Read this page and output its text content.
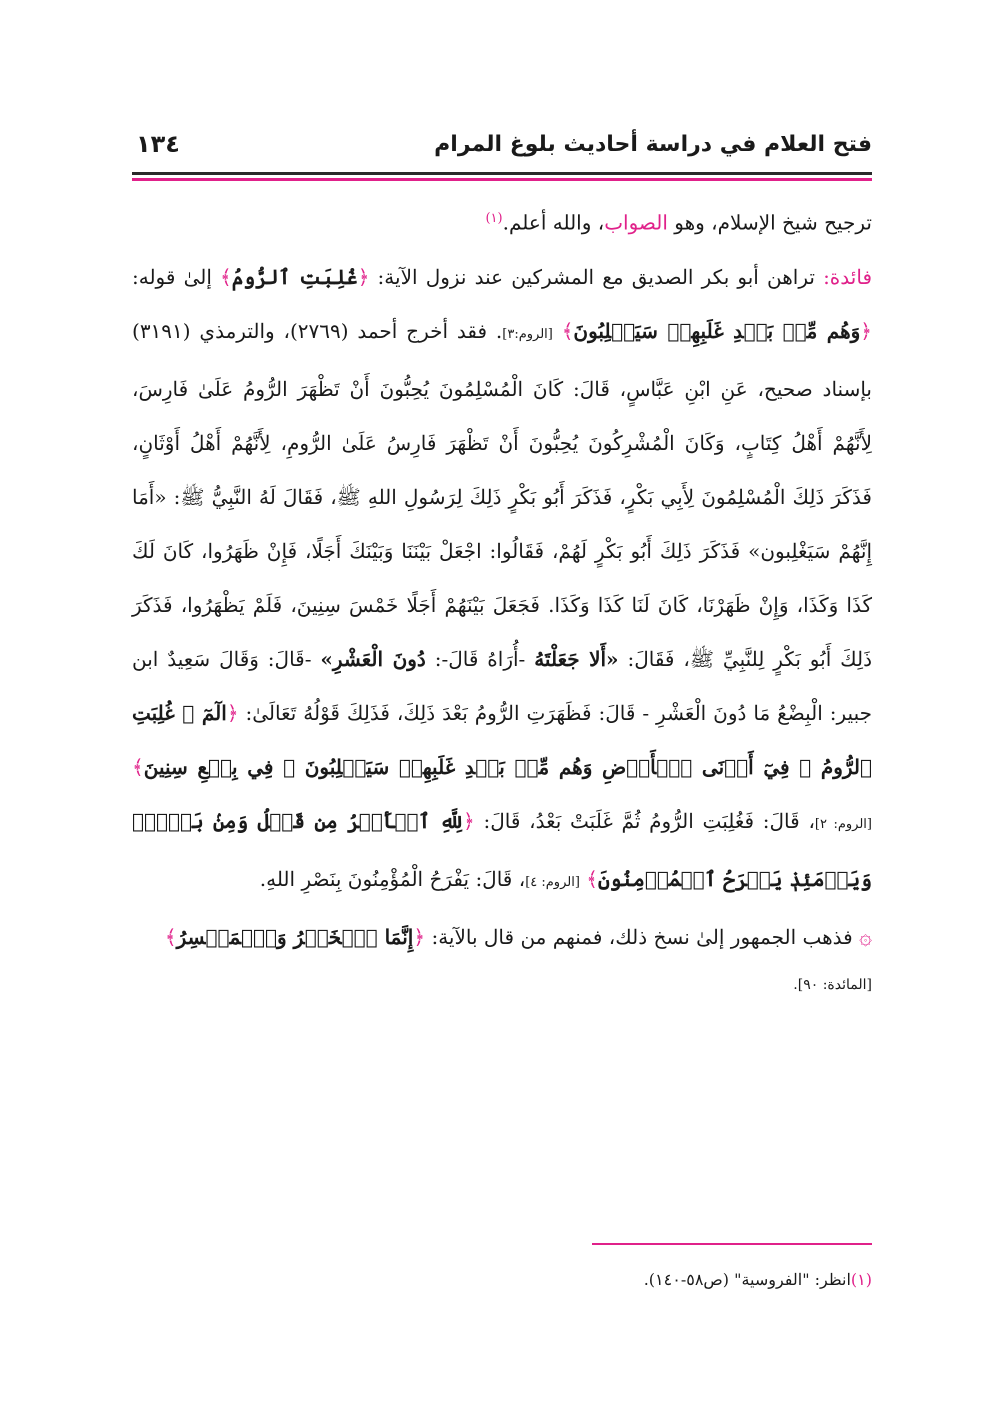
فتح العلام في دراسة أحاديث بلوغ المرام
١٣٤

ترجيح شيخ الإسلام، وهو الصواب، والله أعلم.$^{(١)}$

فائدة: تراهن أبو بكر الصديق مع المشركين عند نزول الآية: ﴿غُلِبَتِ ٱلرُّومُ﴾ إلىٰ قوله: ﴿وَهُم مِّنۢ بَعۡدِ غَلَبِهِمۡ سَيَغۡلِبُونَ﴾ [الروم:٣]. فقد أخرج أحمد (٢٧٦٩)، والترمذي (٣١٩١) بإسناد صحيح، عَنِ ابْنِ عَبَّاسٍ، قَالَ: كَانَ الْمُسْلِمُونَ يُحِبُّونَ أَنْ تَظْهَرَ الرُّومُ عَلَىٰ فَارِسَ، لِأَنَّهُمْ أَهْلُ كِتَابٍ، وَكَانَ الْمُشْرِكُونَ يُحِبُّونَ أَنْ تَظْهَرَ فَارِسُ عَلَىٰ الرُّومِ، لِأَنَّهُمْ أَهْلُ أَوْثَانٍ، فَذَكَرَ ذَلِكَ الْمُسْلِمُونَ لِأَبِي بَكْرٍ، فَذَكَرَ أَبُو بَكْرٍ ذَلِكَ لِرَسُولِ اللهِ ﷺ، فَقَالَ لَهُ النَّبِيُّ ﷺ: «أَمَا إِنَّهُمْ سَيَغْلِبون» فَذَكَرَ ذَلِكَ أَبُو بَكْرٍ لَهُمْ، فَقَالُوا: اجْعَلْ بَيْنَنَا وَبَيْنَكَ أَجَلًا، فَإِنْ ظَهَرُوا، كَانَ لَكَ كَذَا وَكَذَا، وَإِنْ ظَهَرْنَا، كَانَ لَنَا كَذَا وَكَذَا. فَجَعَلَ بَيْنَهُمْ أَجَلًا خَمْسَ سِنِينَ، فَلَمْ يَظْهَرُوا، فَذَكَرَ ذَلِكَ أَبُو بَكْرٍ لِلنَّبِيِّ ﷺ، فَقَالَ: «أَلا جَعَلْتَهُ -أُرَاهُ قَالَ-: دُونَ الْعَشْرِ» -قَالَ: وَقَالَ سَعِيدٌ ابن جبير: الْبِضْعُ مَا دُونَ الْعَشْرِ - قَالَ: فَظَهَرَتِ الرُّومُ بَعْدَ ذَلِكَ، فَذَلِكَ قَوْلُهُ تَعَالَىٰ: ﴿الٓمٓ ۞ غُلِبَتِ ٱلرُّومُ ۞ فِيٓ أَدۡنَى ٱلۡأَرۡضِ وَهُم مِّنۢ بَعۡدِ غَلَبِهِمۡ سَيَغۡلِبُونَ ۞ فِي بِضۡعِ سِنِينَ﴾ [الروم: ٢]، قَالَ: فَغُلِبَتِ الرُّومُ ثُمَّ غَلَبَتْ بَعْدُ، قَالَ: ﴿لِلَّهِ ٱلۡأَمۡرُ مِن قَبۡلُ وَمِنۢ بَعۡدُۚ وَيَوۡمَئِذٖ يَفۡرَحُ ٱلۡمُؤۡمِنُونَ﴾ [الروم: ٤]، قَالَ: يَفْرَحُ الْمُؤْمِنُونَ بِنَصْرِ اللهِ.

۞ فذهب الجمهور إلىٰ نسخ ذلك، فمنهم من قال بالآية: ﴿إِنَّمَا ٱلۡخَمۡرُ وَٱلۡمَيۡسِرُ﴾

[المائدة: ٩٠].

(١)انظر: "الفروسية" (ص٥٨-١٤٠).
